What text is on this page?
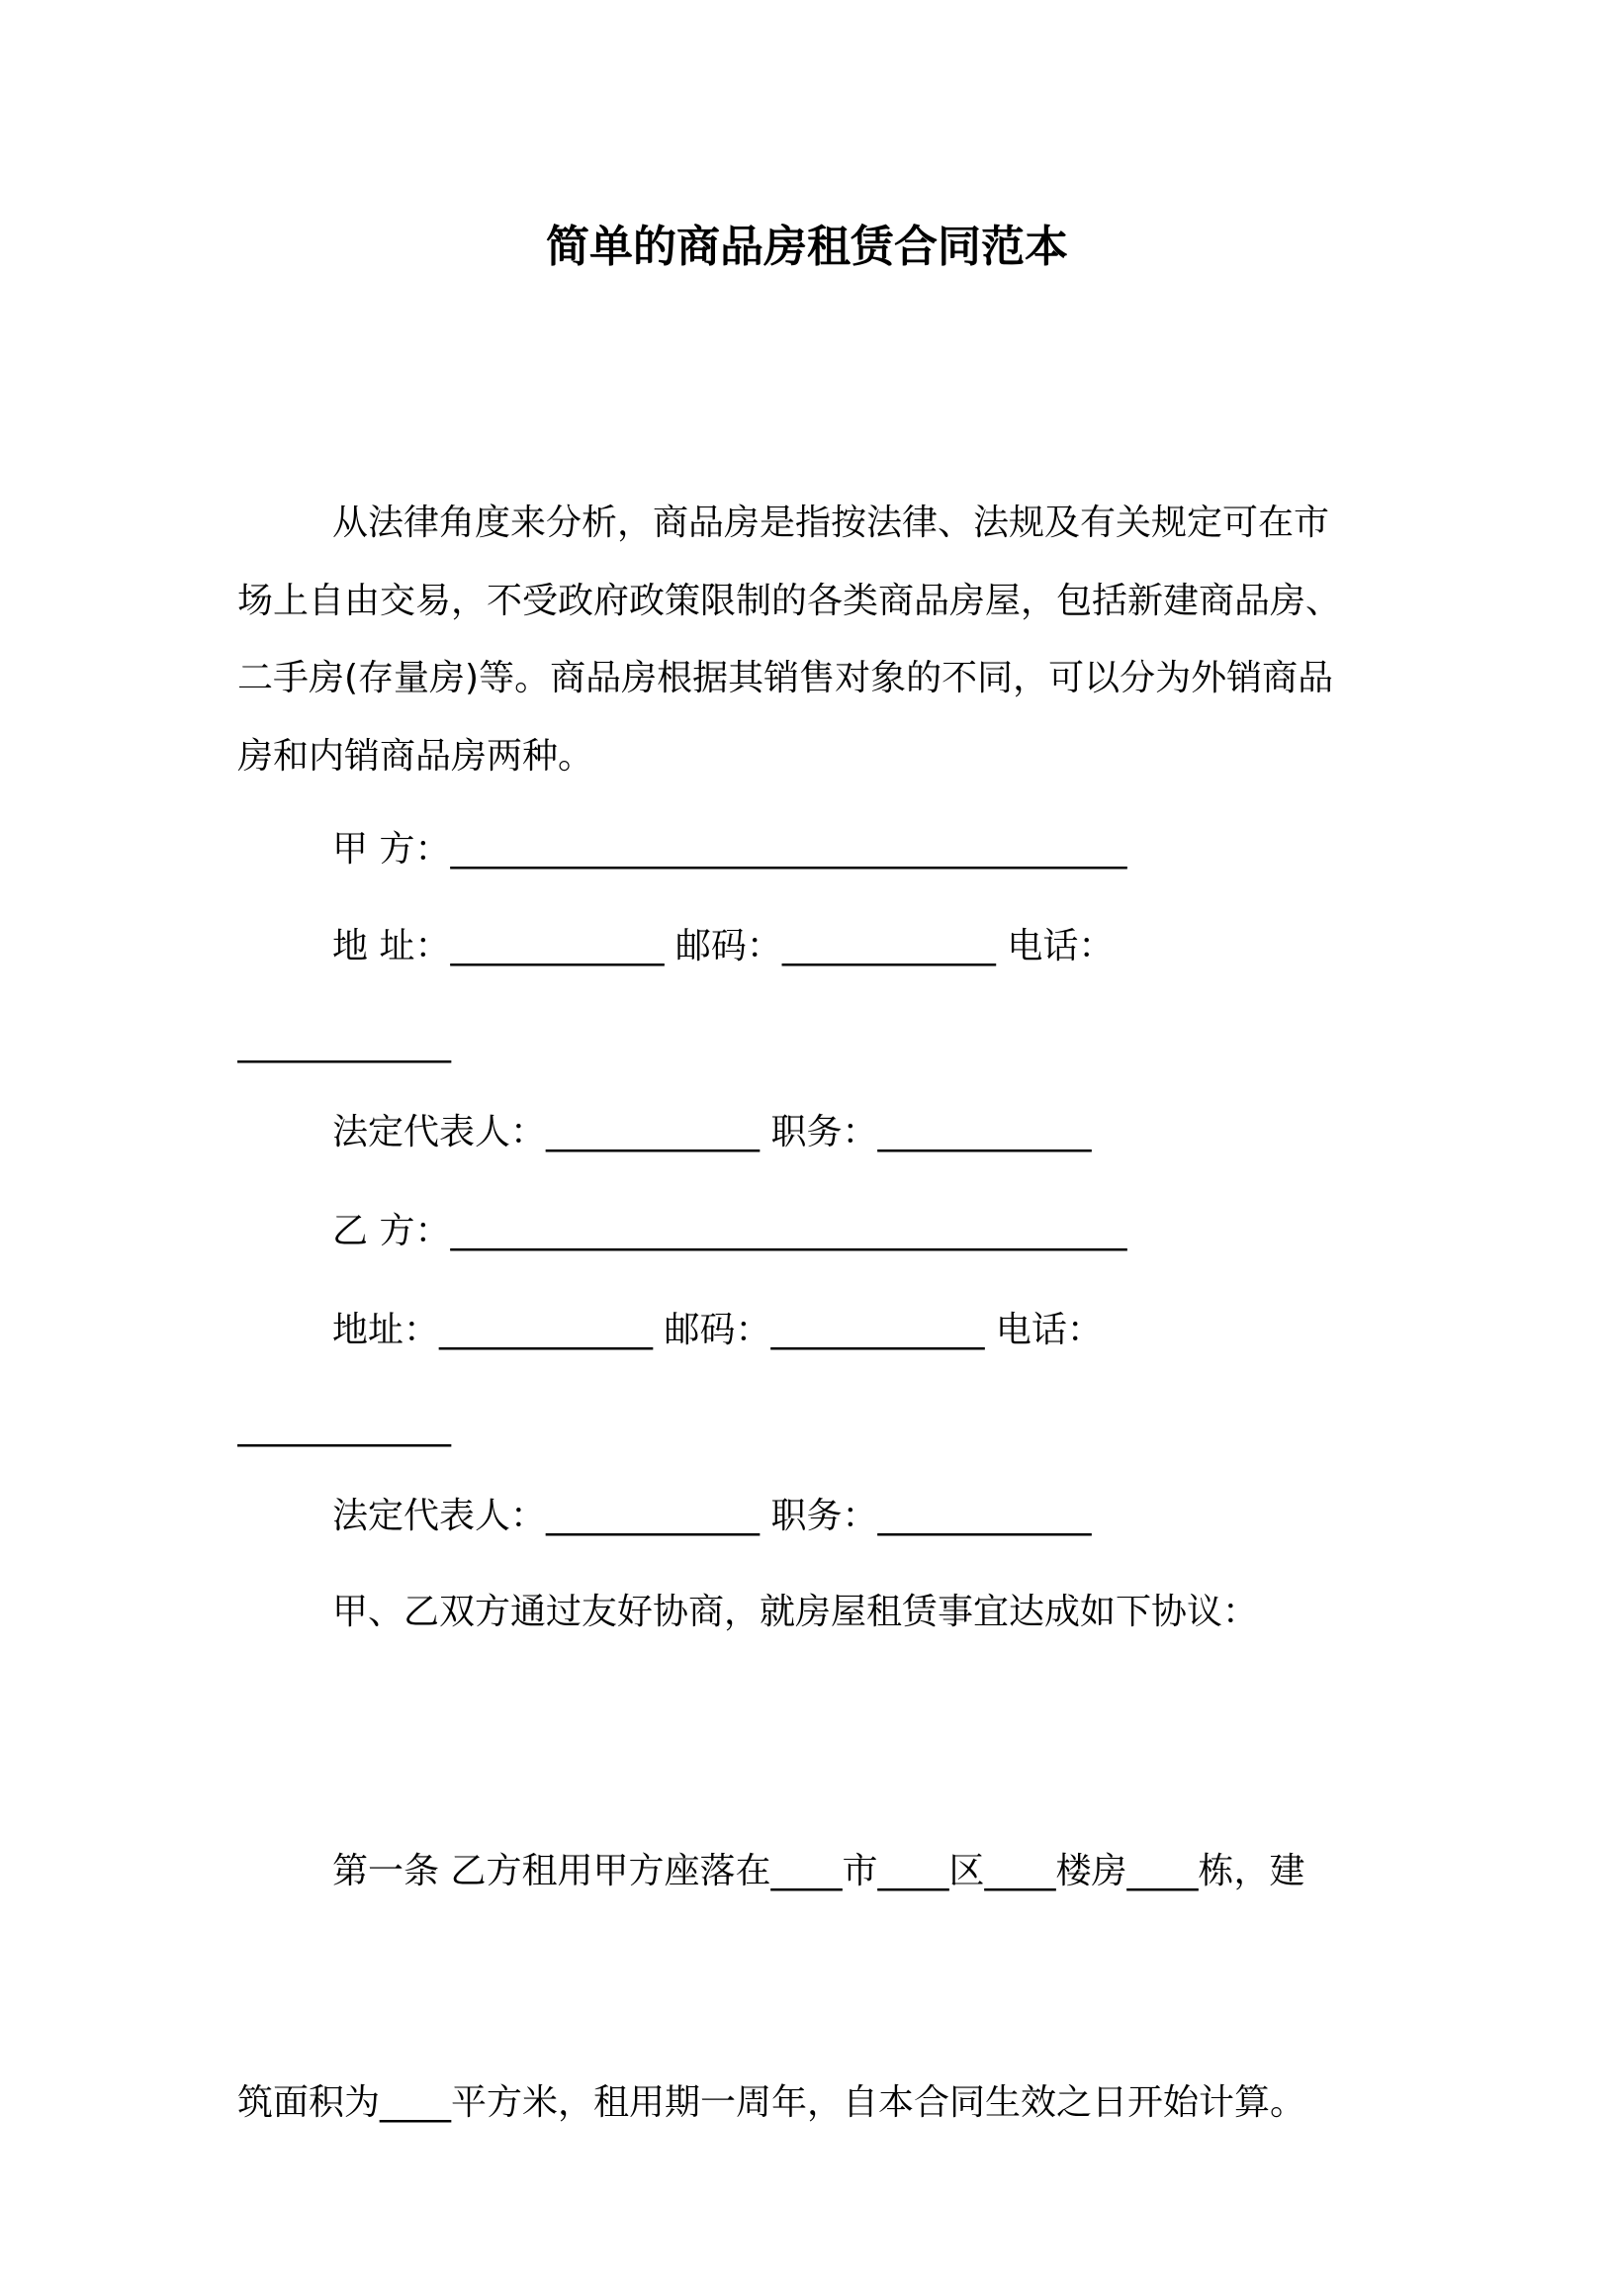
简单的商品房租赁合同范本
从法律角度来分析，商品房是指按法律、法规及有关规定可在市
场上自由交易，不受政府政策限制的各类商品房屋，包括新建商品房、
二手房(存量房)等。商品房根据其销售对象的不同，可以分为外销商品
房和内销商品房两种。
甲 方：______________________________________
地 址：____________ 邮码：____________ 电话：
____________
法定代表人：____________ 职务：____________
乙 方：______________________________________
地址：____________ 邮码：____________ 电话：
____________
法定代表人：____________ 职务：____________
甲、乙双方通过友好协商，就房屋租赁事宜达成如下协议：

第一条 乙方租用甲方座落在____市____区____楼房____栋，建

筑面积为____平方米，租用期一周年，自本合同生效之日开始计算。
